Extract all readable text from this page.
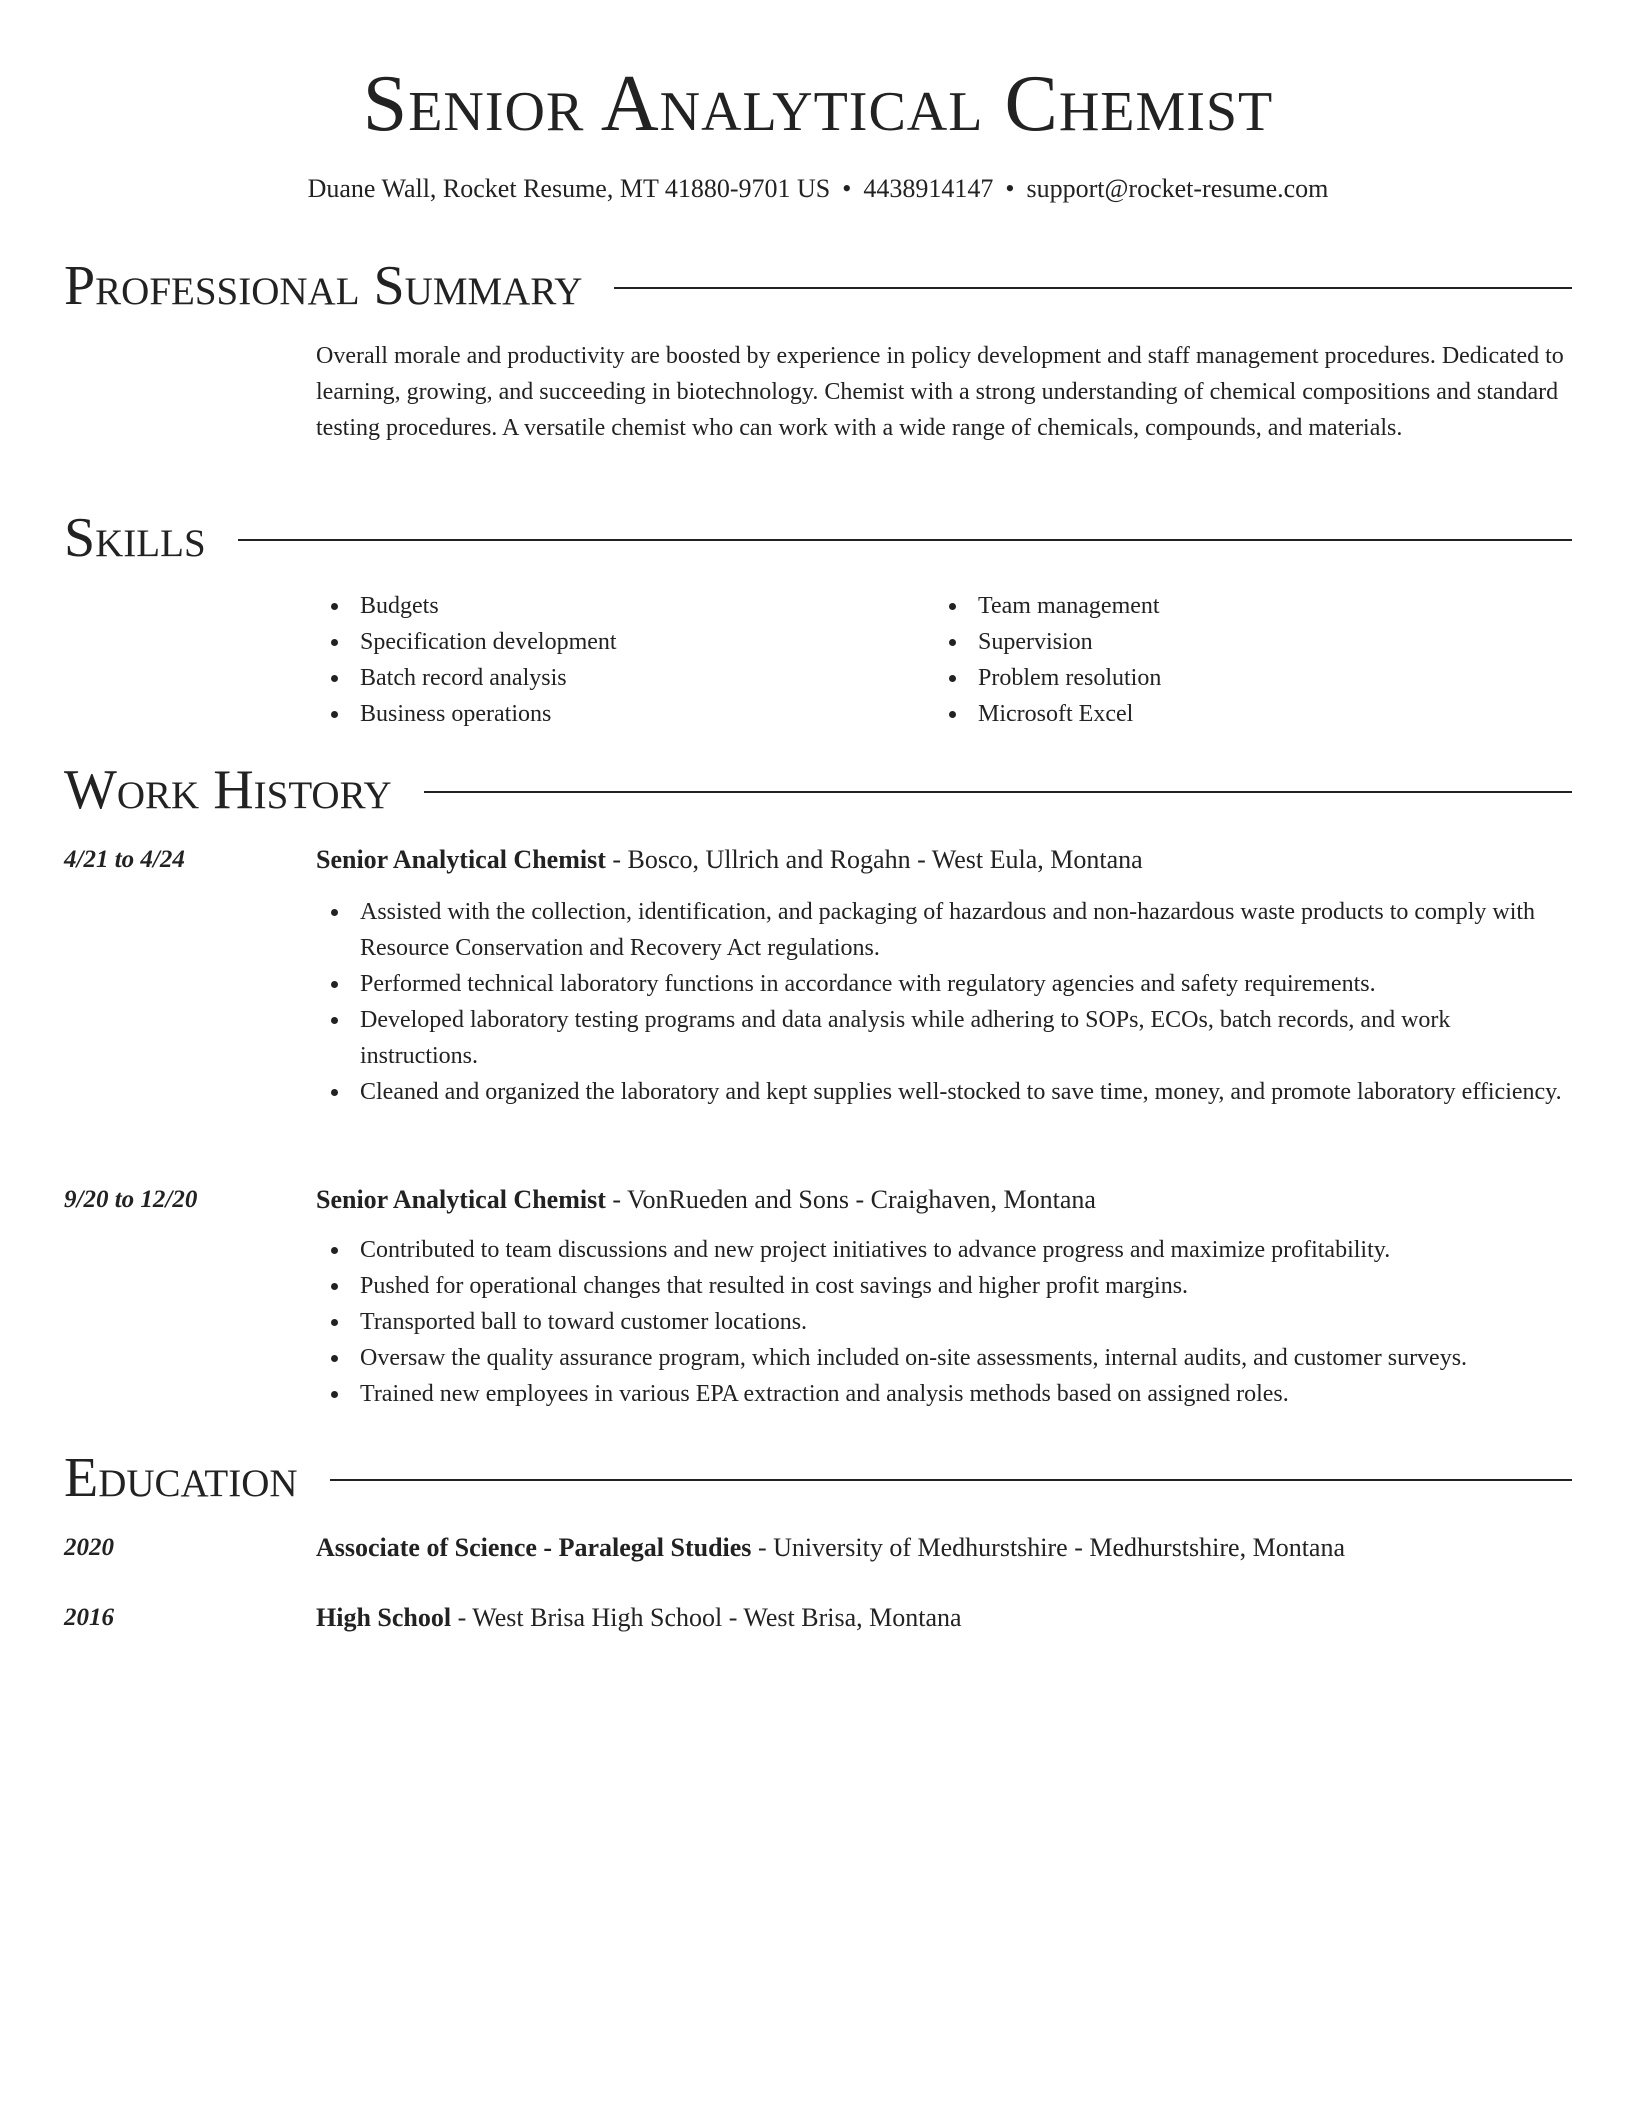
Senior Analytical Chemist
Duane Wall, Rocket Resume, MT 41880-9701 US • 4438914147 • support@rocket-resume.com
Professional Summary

Overall morale and productivity are boosted by experience in policy development and staff management procedures. Dedicated to learning, growing, and succeeding in biotechnology. Chemist with a strong understanding of chemical compositions and standard testing procedures. A versatile chemist who can work with a wide range of chemicals, compounds, and materials.

Skills
Budgets
Specification development
Batch record analysis
Business operations
Team management
Supervision
Problem resolution
Microsoft Excel
Work History
4/21 to 4/24	Senior Analytical Chemist - Bosco, Ullrich and Rogahn - West Eula, Montana
Assisted with the collection, identification, and packaging of hazardous and non-hazardous waste products to comply with Resource Conservation and Recovery Act regulations.
Performed technical laboratory functions in accordance with regulatory agencies and safety requirements.
Developed laboratory testing programs and data analysis while adhering to SOPs, ECOs, batch records, and work instructions.
Cleaned and organized the laboratory and kept supplies well-stocked to save time, money, and promote laboratory efficiency.
9/20 to 12/20	Senior Analytical Chemist - VonRueden and Sons - Craighaven, Montana
Contributed to team discussions and new project initiatives to advance progress and maximize profitability.
Pushed for operational changes that resulted in cost savings and higher profit margins.
Transported ball to toward customer locations.
Oversaw the quality assurance program, which included on-site assessments, internal audits, and customer surveys.
Trained new employees in various EPA extraction and analysis methods based on assigned roles.
Education
2020	Associate of Science - Paralegal Studies - University of Medhurstshire - Medhurstshire, Montana
2016	High School - West Brisa High School - West Brisa, Montana
